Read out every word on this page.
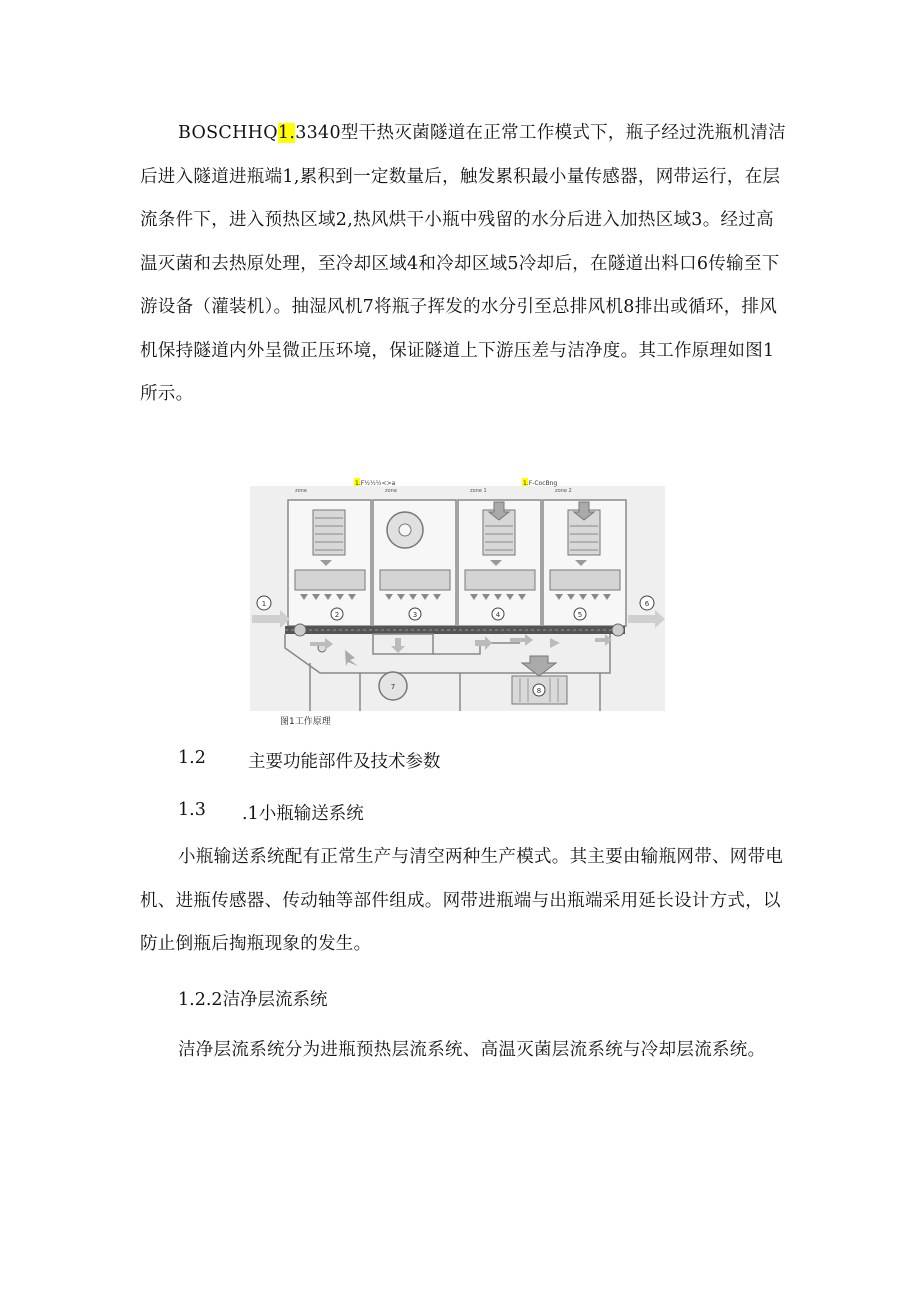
BOSCHHQ1.3340型干热灭菌隧道在正常工作模式下，瓶子经过洗瓶机清洁后进入隧道进瓶端1,累积到一定数量后，触发累积最小量传感器，网带运行，在层流条件下，进入预热区域2,热风烘干小瓶中残留的水分后进入加热区域3。经过高温灭菌和去热原处理，至冷却区域4和冷却区域5冷却后，在隧道出料口6传输至下游设备（灌装机）。抽湿风机7将瓶子挥发的水分引至总排风机8排出或循环，排风机保持隧道内外呈微正压环境，保证隧道上下游压差与洁净度。其工作原理如图1所示。

1.F½½½<>a	1.F-CocBng
zone	zone	zone 1	zone 2
1
2	3	4	5
6
7	8
图1工作原理
1.2 主要功能部件及技术参数
1.3 .1小瓶输送系统

小瓶输送系统配有正常生产与清空两种生产模式。其主要由输瓶网带、网带电机、进瓶传感器、传动轴等部件组成。网带进瓶端与出瓶端采用延长设计方式，以防止倒瓶后掏瓶现象的发生。

1.2.2洁净层流系统

洁净层流系统分为进瓶预热层流系统、高温灭菌层流系统与冷却层流系统。
